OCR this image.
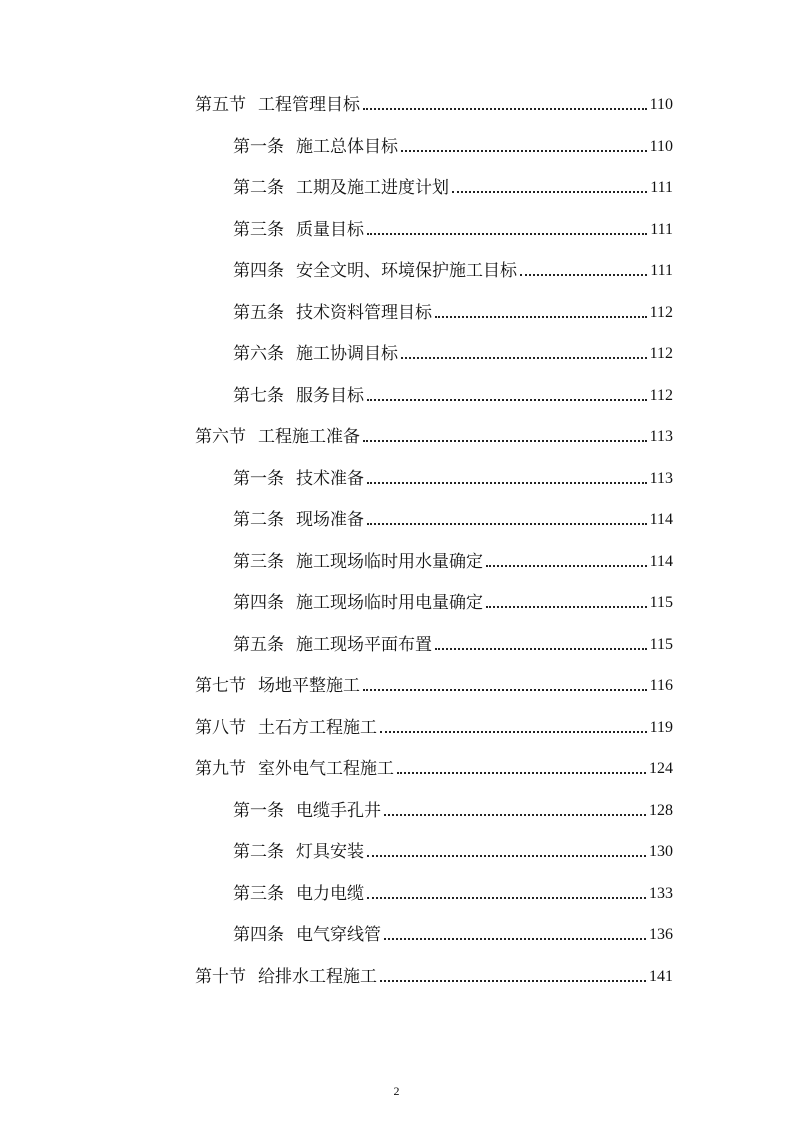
第五节 工程管理目标	110
第一条 施工总体目标	110
第二条 工期及施工进度计划	111
第三条 质量目标	111
第四条 安全文明、环境保护施工目标	111
第五条 技术资料管理目标	112
第六条 施工协调目标	112
第七条 服务目标	112
第六节 工程施工准备	113
第一条 技术准备	113
第二条 现场准备	114
第三条 施工现场临时用水量确定	114
第四条 施工现场临时用电量确定	115
第五条 施工现场平面布置	115
第七节 场地平整施工	116
第八节 土石方工程施工	119
第九节 室外电气工程施工	124
第一条 电缆手孔井	128
第二条 灯具安装	130
第三条 电力电缆	133
第四条 电气穿线管	136
第十节 给排水工程施工	141
2
